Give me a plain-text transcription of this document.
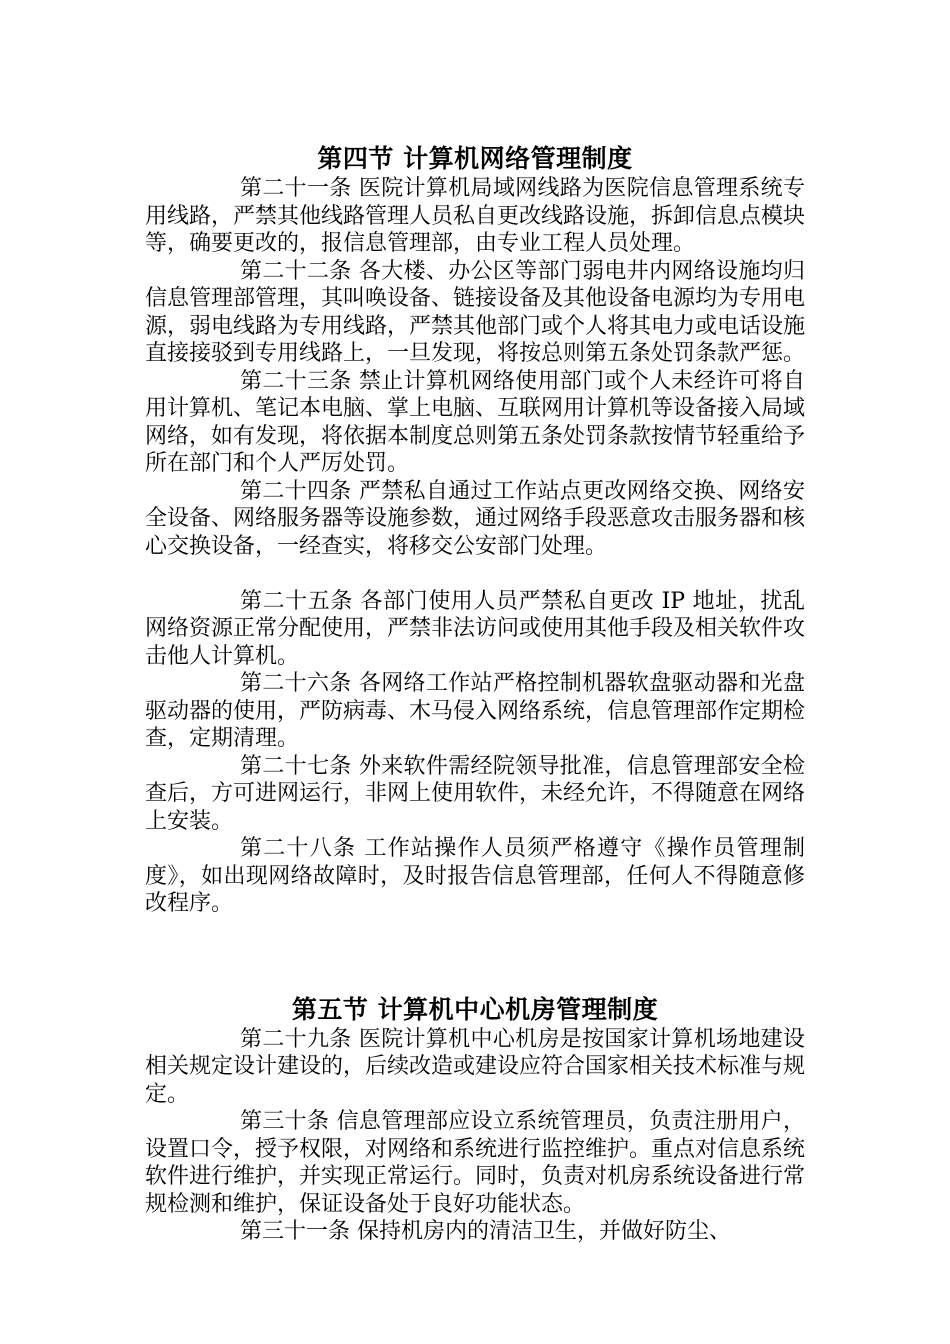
第四节 计算机网络管理制度

第二十一条 医院计算机局域网线路为医院信息管理系统专用线路，严禁其他线路管理人员私自更改线路设施，拆卸信息点模块等，确要更改的，报信息管理部，由专业工程人员处理。

第二十二条 各大楼、办公区等部门弱电井内网络设施均归信息管理部管理，其叫唤设备、链接设备及其他设备电源均为专用电源，弱电线路为专用线路，严禁其他部门或个人将其电力或电话设施直接接驳到专用线路上，一旦发现，将按总则第五条处罚条款严惩。

第二十三条 禁止计算机网络使用部门或个人未经许可将自用计算机、笔记本电脑、掌上电脑、互联网用计算机等设备接入局域网络，如有发现，将依据本制度总则第五条处罚条款按情节轻重给予所在部门和个人严厉处罚。

第二十四条 严禁私自通过工作站点更改网络交换、网络安全设备、网络服务器等设施参数，通过网络手段恶意攻击服务器和核心交换设备，一经查实，将移交公安部门处理。

第二十五条 各部门使用人员严禁私自更改 IP 地址，扰乱网络资源正常分配使用，严禁非法访问或使用其他手段及相关软件攻击他人计算机。

第二十六条 各网络工作站严格控制机器软盘驱动器和光盘驱动器的使用，严防病毒、木马侵入网络系统，信息管理部作定期检查，定期清理。

第二十七条 外来软件需经院领导批准，信息管理部安全检查后，方可进网运行，非网上使用软件，未经允许，不得随意在网络上安装。

第二十八条 工作站操作人员须严格遵守《操作员管理制度》，如出现网络故障时，及时报告信息管理部，任何人不得随意修改程序。

第五节 计算机中心机房管理制度

第二十九条 医院计算机中心机房是按国家计算机场地建设相关规定设计建设的，后续改造或建设应符合国家相关技术标准与规定。

第三十条 信息管理部应设立系统管理员，负责注册用户，设置口令，授予权限，对网络和系统进行监控维护。重点对信息系统软件进行维护，并实现正常运行。同时，负责对机房系统设备进行常规检测和维护，保证设备处于良好功能状态。

第三十一条 保持机房内的清洁卫生，并做好防尘、
